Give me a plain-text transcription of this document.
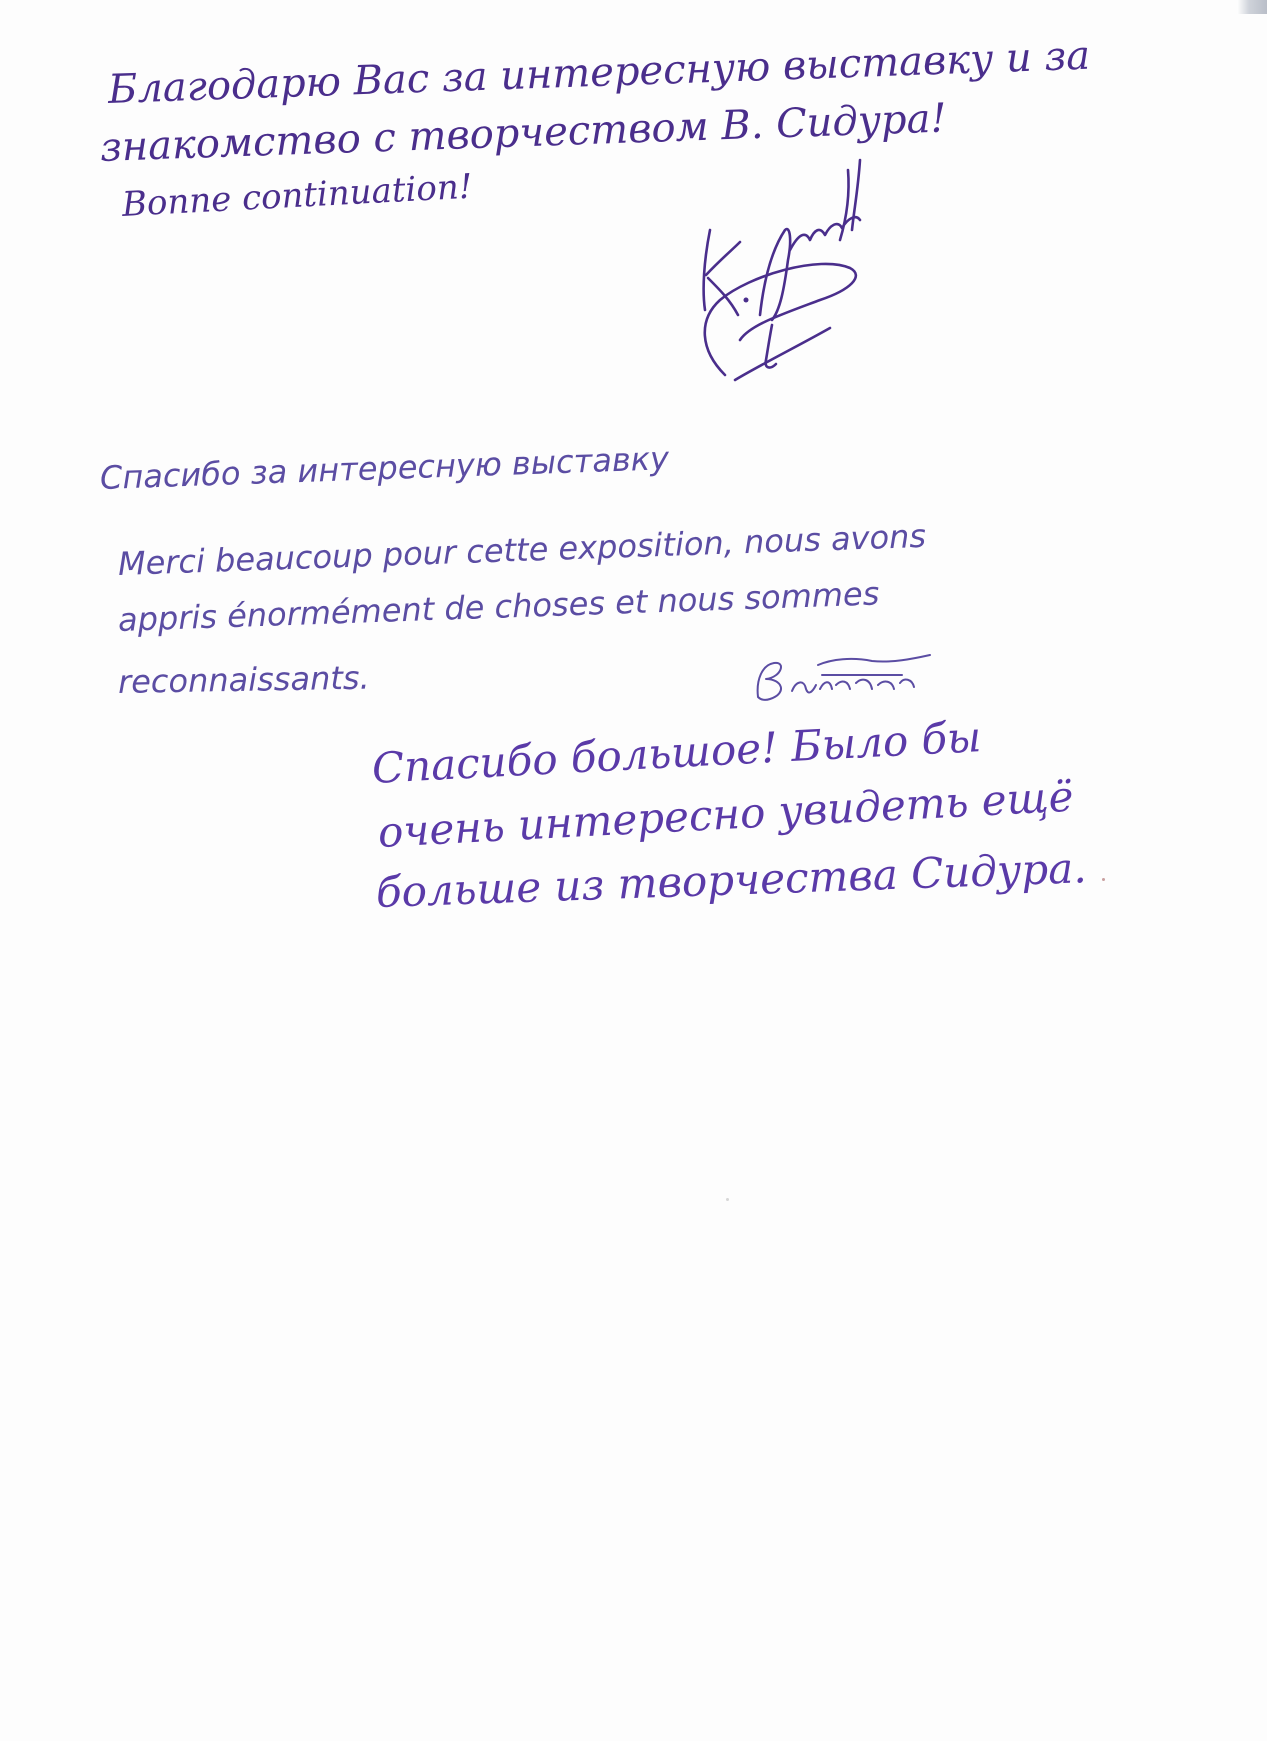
Благодарю Вас за интересную выставку и за
знакомство с творчеством В. Сидура!
Bonne continuation!
Спасибо за интересную выставку
Merci beaucoup pour cette exposition, nous avons
appris énormément de choses et nous sommes
reconnaissants.
Спасибо большое! Было бы
очень интересно увидеть ещё
больше из творчества Сидура.
